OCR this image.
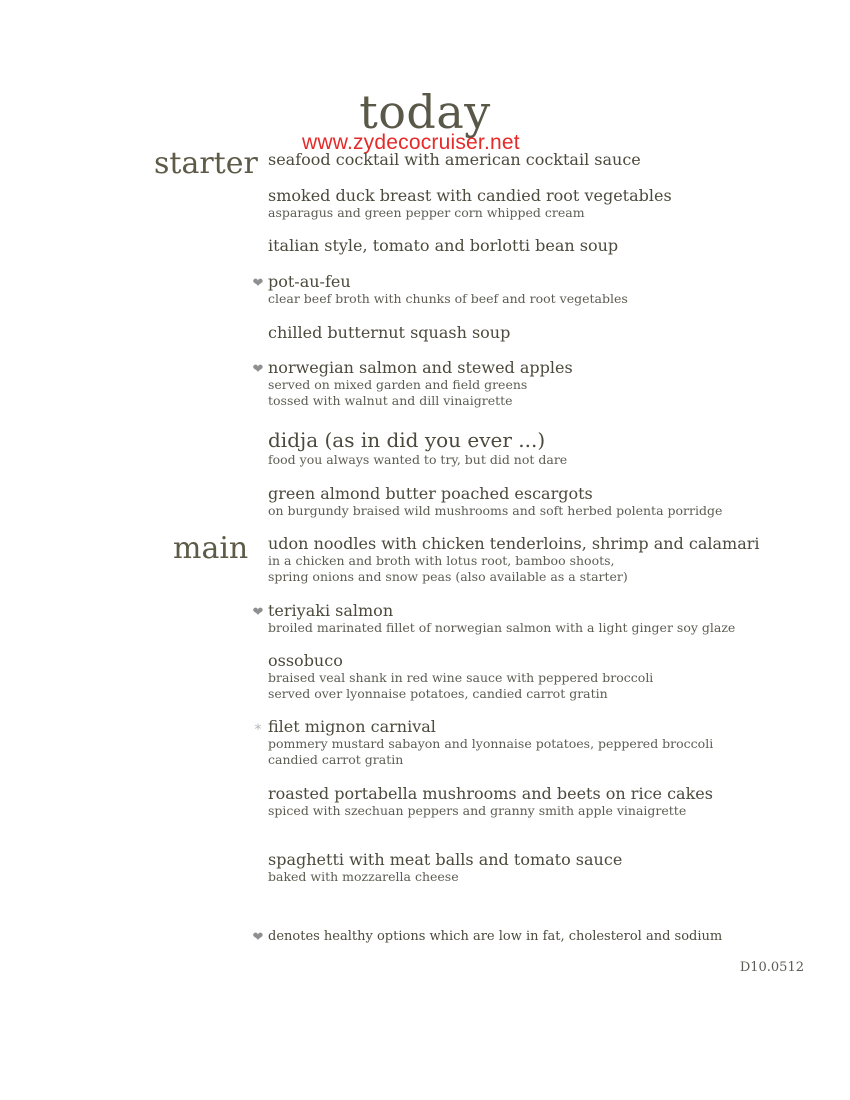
today
www.zydecocruiser.net
starter
main
seafood cocktail with american cocktail sauce
smoked duck breast with candied root vegetables
asparagus and green pepper corn whipped cream
italian style, tomato and borlotti bean soup
❤ pot-au-feu
clear beef broth with chunks of beef and root vegetables
chilled butternut squash soup
❤ norwegian salmon and stewed apples
served on mixed garden and field greens
tossed with walnut and dill vinaigrette
didja (as in did you ever ...)
food you always wanted to try, but did not dare
green almond butter poached escargots
on burgundy braised wild mushrooms and soft herbed polenta porridge
udon noodles with chicken tenderloins, shrimp and calamari
in a chicken and broth with lotus root, bamboo shoots,
spring onions and snow peas (also available as a starter)
❤ teriyaki salmon
broiled marinated fillet of norwegian salmon with a light ginger soy glaze
ossobuco
braised veal shank in red wine sauce with peppered broccoli
served over lyonnaise potatoes, candied carrot gratin
* filet mignon carnival
pommery mustard sabayon and lyonnaise potatoes, peppered broccoli
candied carrot gratin
roasted portabella mushrooms and beets on rice cakes
spiced with szechuan peppers and granny smith apple vinaigrette
spaghetti with meat balls and tomato sauce
baked with mozzarella cheese
❤ denotes healthy options which are low in fat, cholesterol and sodium
D10.0512
